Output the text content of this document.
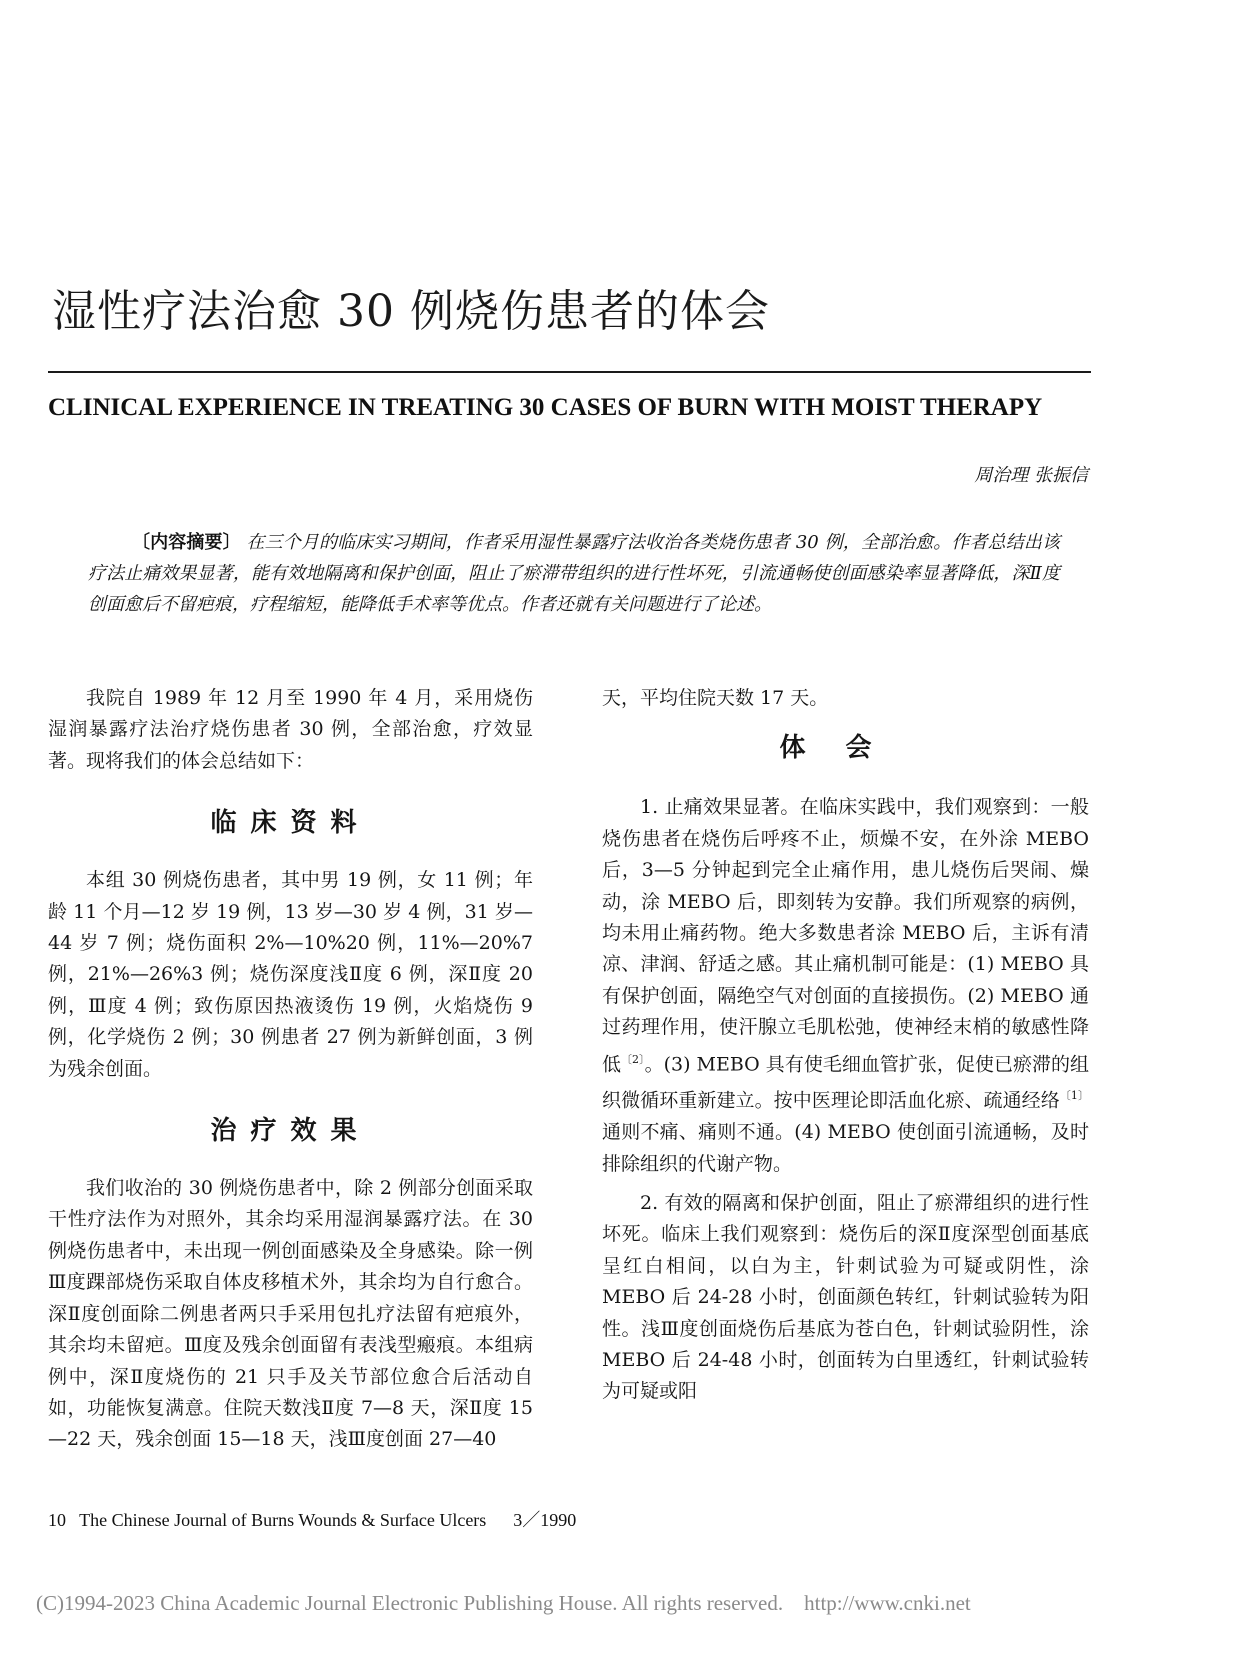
湿性疗法治愈 30 例烧伤患者的体会
CLINICAL EXPERIENCE IN TREATING 30 CASES OF BURN WITH MOIST THERAPY
周治理 张振信
〔内容摘要〕 在三个月的临床实习期间，作者采用湿性暴露疗法收治各类烧伤患者 30 例，全部治愈。作者总结出该疗法止痛效果显著，能有效地隔离和保护创面，阻止了瘀滞带组织的进行性坏死，引流通畅使创面感染率显著降低，深Ⅱ度创面愈后不留疤痕，疗程缩短，能降低手术率等优点。作者还就有关问题进行了论述。

我院自 1989 年 12 月至 1990 年 4 月，采用烧伤湿润暴露疗法治疗烧伤患者 30 例，全部治愈，疗效显著。现将我们的体会总结如下：

临床资料

本组 30 例烧伤患者，其中男 19 例，女 11 例；年龄 11 个月—12 岁 19 例，13 岁—30 岁 4 例，31 岁—44 岁 7 例；烧伤面积 2%—10%20 例，11%—20%7 例，21%—26%3 例；烧伤深度浅Ⅱ度 6 例，深Ⅱ度 20 例，Ⅲ度 4 例；致伤原因热液烫伤 19 例，火焰烧伤 9 例，化学烧伤 2 例；30 例患者 27 例为新鲜创面，3 例为残余创面。

治疗效果

我们收治的 30 例烧伤患者中，除 2 例部分创面采取干性疗法作为对照外，其余均采用湿润暴露疗法。在 30 例烧伤患者中，未出现一例创面感染及全身感染。除一例Ⅲ度踝部烧伤采取自体皮移植术外，其余均为自行愈合。深Ⅱ度创面除二例患者两只手采用包扎疗法留有疤痕外，其余均未留疤。Ⅲ度及残余创面留有表浅型瘢痕。本组病例中，深Ⅱ度烧伤的 21 只手及关节部位愈合后活动自如，功能恢复满意。住院天数浅Ⅱ度 7—8 天，深Ⅱ度 15—22 天，残余创面 15—18 天，浅Ⅲ度创面 27—40

天，平均住院天数 17 天。

体会

1. 止痛效果显著。在临床实践中，我们观察到：一般烧伤患者在烧伤后呼疼不止，烦燥不安，在外涂 MEBO 后，3—5 分钟起到完全止痛作用，患儿烧伤后哭闹、燥动，涂 MEBO 后，即刻转为安静。我们所观察的病例，均未用止痛药物。绝大多数患者涂 MEBO 后，主诉有清凉、津润、舒适之感。其止痛机制可能是：(1) MEBO 具有保护创面，隔绝空气对创面的直接损伤。(2) MEBO 通过药理作用，使汗腺立毛肌松弛，使神经末梢的敏感性降低$^{〔2〕}$。(3) MEBO 具有使毛细血管扩张，促使已瘀滞的组织微循环重新建立。按中医理论即活血化瘀、疏通经络$^{〔1〕}$通则不痛、痛则不通。(4) MEBO 使创面引流通畅，及时排除组织的代谢产物。

2. 有效的隔离和保护创面，阻止了瘀滞组织的进行性坏死。临床上我们观察到：烧伤后的深Ⅱ度深型创面基底呈红白相间，以白为主，针刺试验为可疑或阴性，涂 MEBO 后 24-28 小时，创面颜色转红，针刺试验转为阳性。浅Ⅲ度创面烧伤后基底为苍白色，针刺试验阴性，涂 MEBO 后 24-48 小时，创面转为白里透红，针刺试验转为可疑或阳

10   The Chinese Journal of Burns Wounds & Surface Ulcers      3／1990
(C)1994-2023 China Academic Journal Electronic Publishing House. All rights reserved.    http://www.cnki.net
